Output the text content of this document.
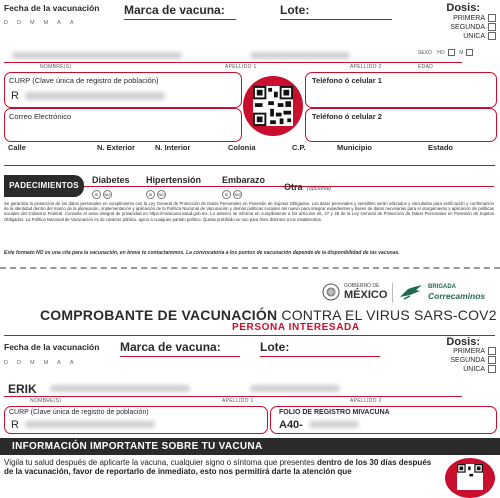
Fecha de la vacunación
D D M M A A
Marca de vacuna:	Lote:	Dosis:
PRIMERA
SEGUNDA
ÚNICA
SEXO HO	M
NOMBRE(S)	APELLIDO 1	APELLIDO 2	EDAD
CURP (Clave única de registro de población)
R
Teléfono ó celular 1
Correo Electrónico	Teléfono ó celular 2
Calle	N. Exterior	N. Interior	Colonia	C.P.	Municipio	Estado
PADECIMIENTOS
Diabetes
SI NO
Hipertensión
SI NO
Embarazo
SI NO
Otra (opcional)
Se garantiza la protección de los datos personales en cumplimiento con la Ley General de Protección de Datos Personales en Posesión de Sujetos Obligados. Los datos personales y sensibles serán utilizados y vinculados para verificación y confirmación de la identidad dentro del marco de la planeación, implementación y aplicación de la Política Nacional de Vacunación y demás políticas sociales del nuevo para integrar expedientes y bases de datos necesarias para el otorgamiento y aplicación de políticas sociales del Gobierno Federal. Consulte el aviso integral de privacidad en https://mivacuna.salud.gob.mx. Lo anterior se informa en cumplimiento a los artículos 26, 27 y 28 de la Ley General de Protección de Datos Personales en Posesión de Sujetos Obligados. La Política Nacional de Vacunación es de carácter público, ajeno a cualquier partido político. Queda prohibido su uso para fines distintos a los establecidos.
Este formato NO es una cita para la vacunación, en breve te contactaremos. La convocatoria a los puntos de vacunación depende de la disponibilidad de las vacunas.
GOBIERNO DE
MÉXICO
BRIGADA
Correcaminos
COMPROBANTE DE VACUNACIÓN CONTRA EL VIRUS SARS-COV2
PERSONA INTERESADA
Fecha de la vacunación
D D M M A A
Marca de vacuna:	Lote:	Dosis:
PRIMERA
SEGUNDA
ÚNICA
ERIK
NOMBRE(S)	APELLIDO 1	APELLIDO 2
CURP (Clave única de registro de población)
R
FOLIO DE REGISTRO MIVACUNA
A40-
INFORMACIÓN IMPORTANTE SOBRE TU VACUNA
Vigila tu salud después de aplicarte la vacuna, cualquier signo o síntoma que presentes dentro de los 30 días después de la vacunación, favor de reportarlo de inmediato, esto nos permitirá darte la atención que
